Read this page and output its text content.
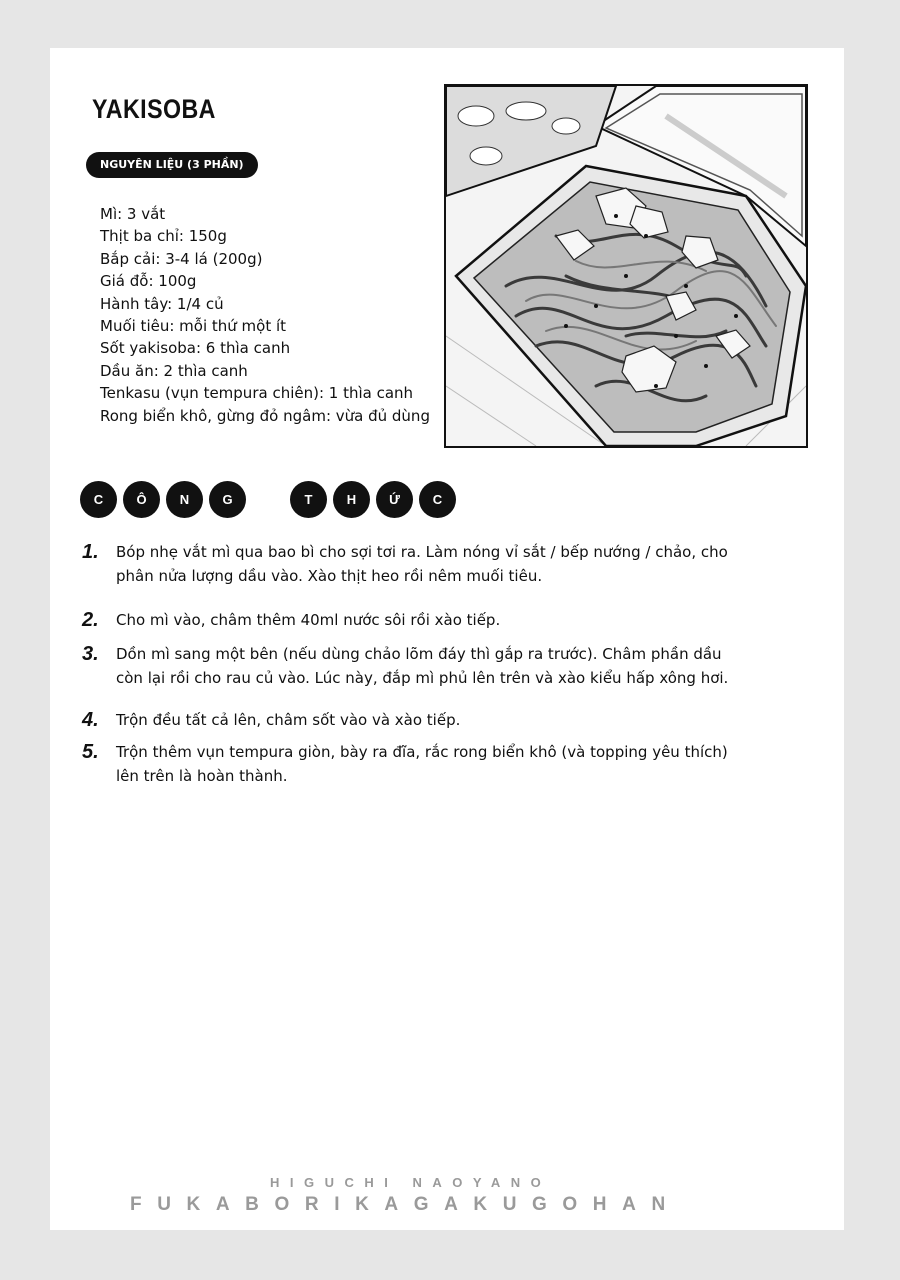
YAKISOBA
NGUYÊN LIỆU (3 PHẦN)
Mì: 3 vắt
Thịt ba chỉ: 150g
Bắp cải: 3-4 lá (200g)
Giá đỗ: 100g
Hành tây: 1/4 củ
Muối tiêu: mỗi thứ một ít
Sốt yakisoba: 6 thìa canh
Dầu ăn: 2 thìa canh
Tenkasu (vụn tempura chiên): 1 thìa canh
Rong biển khô, gừng đỏ ngâm: vừa đủ dùng
C	Ô	N	G	T	H	Ứ	C
1.	Bóp nhẹ vắt mì qua bao bì cho sợi tơi ra. Làm nóng vỉ sắt / bếp nướng / chảo, cho phân nửa lượng dầu vào. Xào thịt heo rồi nêm muối tiêu.
2.	Cho mì vào, châm thêm 40ml nước sôi rồi xào tiếp.
3.	Dồn mì sang một bên (nếu dùng chảo lõm đáy thì gắp ra trước). Châm phần dầu còn lại rồi cho rau củ vào. Lúc này, đắp mì phủ lên trên và xào kiểu hấp xông hơi.
4.	Trộn đều tất cả lên, châm sốt vào và xào tiếp.
5.	Trộn thêm vụn tempura giòn, bày ra đĩa, rắc rong biển khô (và topping yêu thích) lên trên là hoàn thành.
HIGUCHI NAOYANO
FUKABORIKAGAKUGOHAN
